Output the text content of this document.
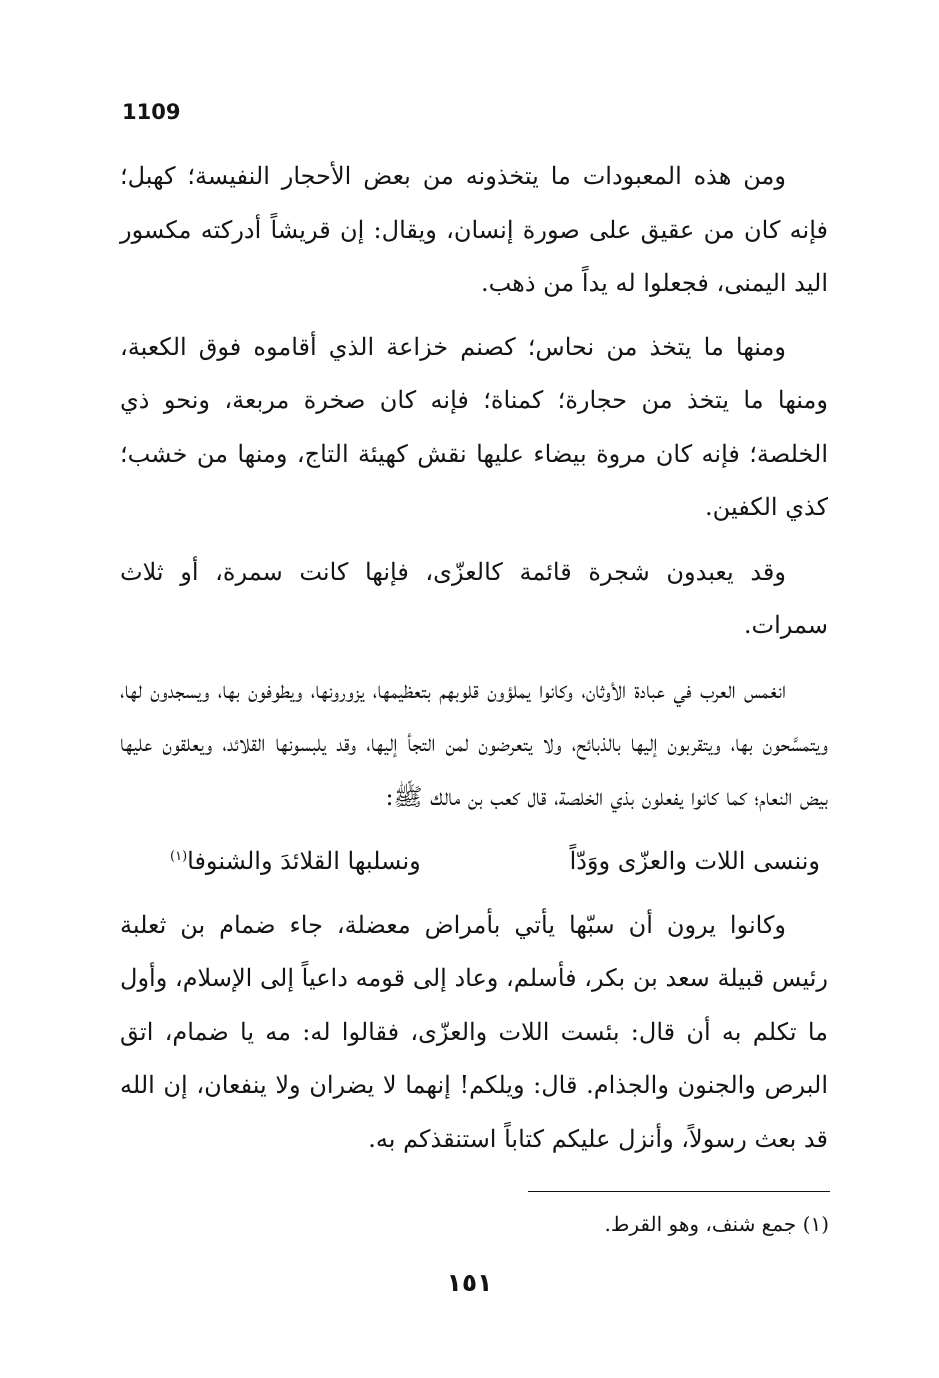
1109

ومن هذه المعبودات ما يتخذونه من بعض الأحجار النفيسة؛ كهبل؛ فإنه كان من عقيق على صورة إنسان، ويقال: إن قريشاً أدركته مكسور اليد اليمنى، فجعلوا له يداً من ذهب.

ومنها ما يتخذ من نحاس؛ كصنم خزاعة الذي أقاموه فوق الكعبة، ومنها ما يتخذ من حجارة؛ كمناة؛ فإنه كان صخرة مربعة، ونحو ذي الخلصة؛ فإنه كان مروة بيضاء عليها نقش كهيئة التاج، ومنها من خشب؛ كذي الكفين.

وقد يعبدون شجرة قائمة كالعزّى، فإنها كانت سمرة، أو ثلاث سمرات.

انغمس العرب في عبادة الأوثان، وكانوا يملؤون قلوبهم بتعظيمها، يزورونها، ويطوفون بها، ويسجدون لها، ويتمسَّحون بها، ويتقربون إليها بالذبائح، ولا يتعرضون لمن التجأ إليها، وقد يلبسونها القلائد، ويعلقون عليها بيض النعام؛ كما كانوا يفعلون بذي الخلصة، قال كعب بن مالك ﷺ:

وننسى اللات والعزّى ووَدّاً
ونسلبها القلائدَ والشنوفا$^{(١)}$

وكانوا يرون أن سبّها يأتي بأمراض معضلة، جاء ضمام بن ثعلبة رئيس قبيلة سعد بن بكر، فأسلم، وعاد إلى قومه داعياً إلى الإسلام، وأول ما تكلم به أن قال: بئست اللات والعزّى، فقالوا له: مه يا ضمام، اتق البرص والجنون والجذام. قال: ويلكم! إنهما لا يضران ولا ينفعان، إن الله قد بعث رسولاً، وأنزل عليكم كتاباً استنقذكم به.

(١) جمع شنف، وهو القرط.
١٥١
